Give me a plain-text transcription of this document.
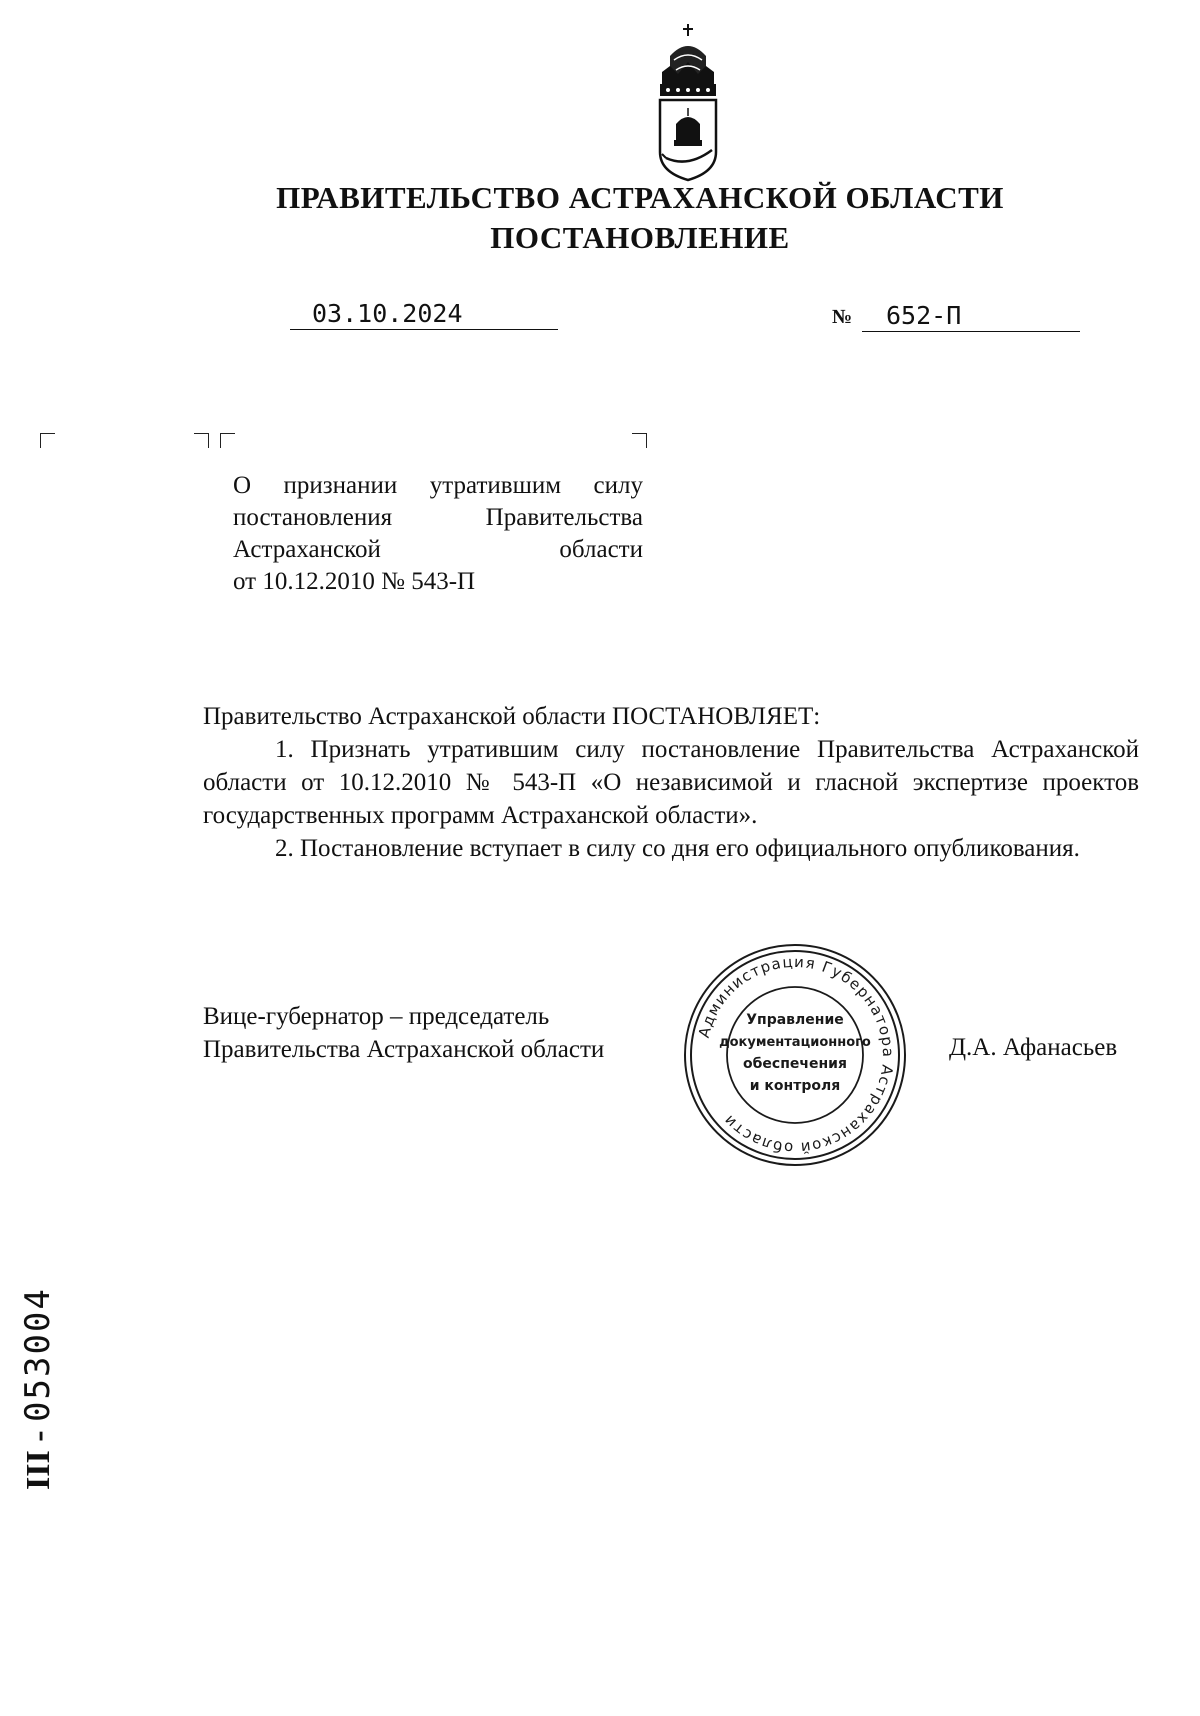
ПРАВИТЕЛЬСТВО АСТРАХАНСКОЙ ОБЛАСТИ
ПОСТАНОВЛЕНИЕ
03.10.2024	№	652-П
О признании утратившим силу
постановления	Правительства
Астраханской	области
от 10.12.2010 № 543-П

Правительство Астраханской области ПОСТАНОВЛЯЕТ:

1. Признать утратившим силу постановление Правительства Астраханской области от 10.12.2010 № 543-П «О независимой и гласной экспертизе проектов государственных программ Астраханской области».

2. Постановление вступает в силу со дня его официального опубликования.

Вице-губернатор – председатель
Правительства Астраханской области	Д.А. Афанасьев
Администрация Губернатора Астраханской области
Управление
документационного
обеспечения
и контроля
III - 053004
